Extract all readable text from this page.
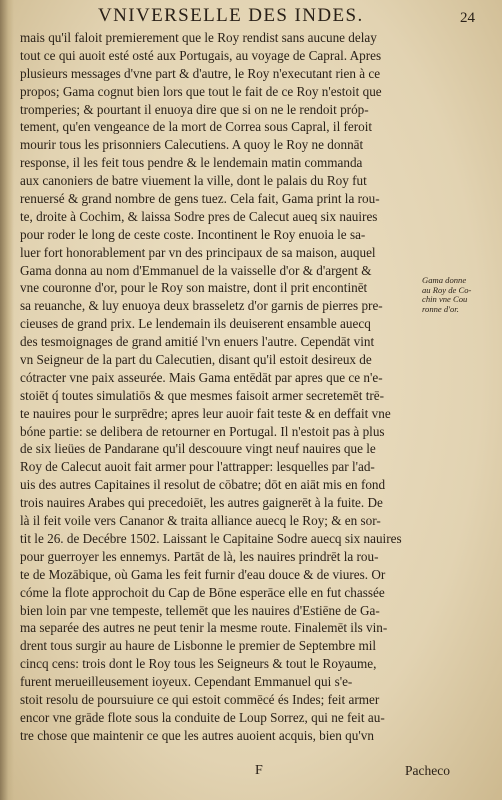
VNIVERSELLE DES INDES.	24
mais qu'il faloit premierement que le Roy rendist sans aucune delay
tout ce qui auoit esté osté aux Portugais, au voyage de Capral. Apres
plusieurs messages d'vne part & d'autre, le Roy n'executant rien à ce
propos; Gama cognut bien lors que tout le fait de ce Roy n'estoit que
tromperies; & pourtant il enuoya dire que si on ne le rendoit próp-
tement, qu'en vengeance de la mort de Correa sous Capral, il feroit
mourir tous les prisonniers Calecutiens. A quoy le Roy ne donnāt
response, il les feit tous pendre & le lendemain matin commanda
aux canoniers de batre viuement la ville, dont le palais du Roy fut
renuersé & grand nombre de gens tuez. Cela fait, Gama print la rou-
te, droite à Cochim, & laissa Sodre pres de Calecut aueq six nauires
pour roder le long de ceste coste. Incontinent le Roy enuoia le sa-
luer fort honorablement par vn des principaux de sa maison, auquel
Gama donna au nom d'Emmanuel de la vaisselle d'or & d'argent &
vne couronne d'or, pour le Roy son maistre, dont il prit encontinēt
sa reuanche, & luy enuoya deux brasseletz d'or garnis de pierres pre-
cieuses de grand prix. Le lendemain ils deuiserent ensamble auecq
des tesmoignages de grand amitié l'vn enuers l'autre. Cependāt vint
vn Seigneur de la part du Calecutien, disant qu'il estoit desireux de
cótracter vne paix asseurée. Mais Gama entēdāt par apres que ce n'e-
stoiēt q́ toutes simulatiōs & que mesmes faisoit armer secretemēt trē-
te nauires pour le surprēdre; apres leur auoir fait teste & en deffait vne
bóne partie: se delibera de retourner en Portugal. Il n'estoit pas à plus
de six lieües de Pandarane qu'il descouure vingt neuf nauires que le
Roy de Calecut auoit fait armer pour l'attrapper: lesquelles par l'ad-
uis des autres Capitaines il resolut de cōbatre; dōt en aiāt mis en fond
trois nauires Arabes qui precedoiēt, les autres gaignerēt à la fuite. De
là il feit voile vers Cananor & traita alliance auecq le Roy; & en sor-
tit le 26. de Decébre 1502. Laissant le Capitaine Sodre auecq six nauires
pour guerroyer les ennemys. Partāt de là, les nauires prindrēt la rou-
te de Mozābique, où Gama les feit furnir d'eau douce & de viures. Or
cóme la flote approchoit du Cap de Bōne esperāce elle en fut chassée
bien loin par vne tempeste, tellemēt que les nauires d'Estiēne de Ga-
ma separée des autres ne peut tenir la mesme route. Finalemēt ils vin-
drent tous surgir au haure de Lisbonne le premier de Septembre mil
cincq cens: trois dont le Roy tous les Seigneurs & tout le Royaume,
furent merueilleusement ioyeux. Cependant Emmanuel qui s'e-
stoit resolu de poursuiure ce qui estoit commēcé és Indes; feit armer
encor vne grāde flote sous la conduite de Loup Sorrez, qui ne feit au-
tre chose que maintenir ce que les autres auoient acquis, bien qu'vn
Gama donne
au Roy de Co-
chin vne Cou
ronne d'or.
F	Pacheco
